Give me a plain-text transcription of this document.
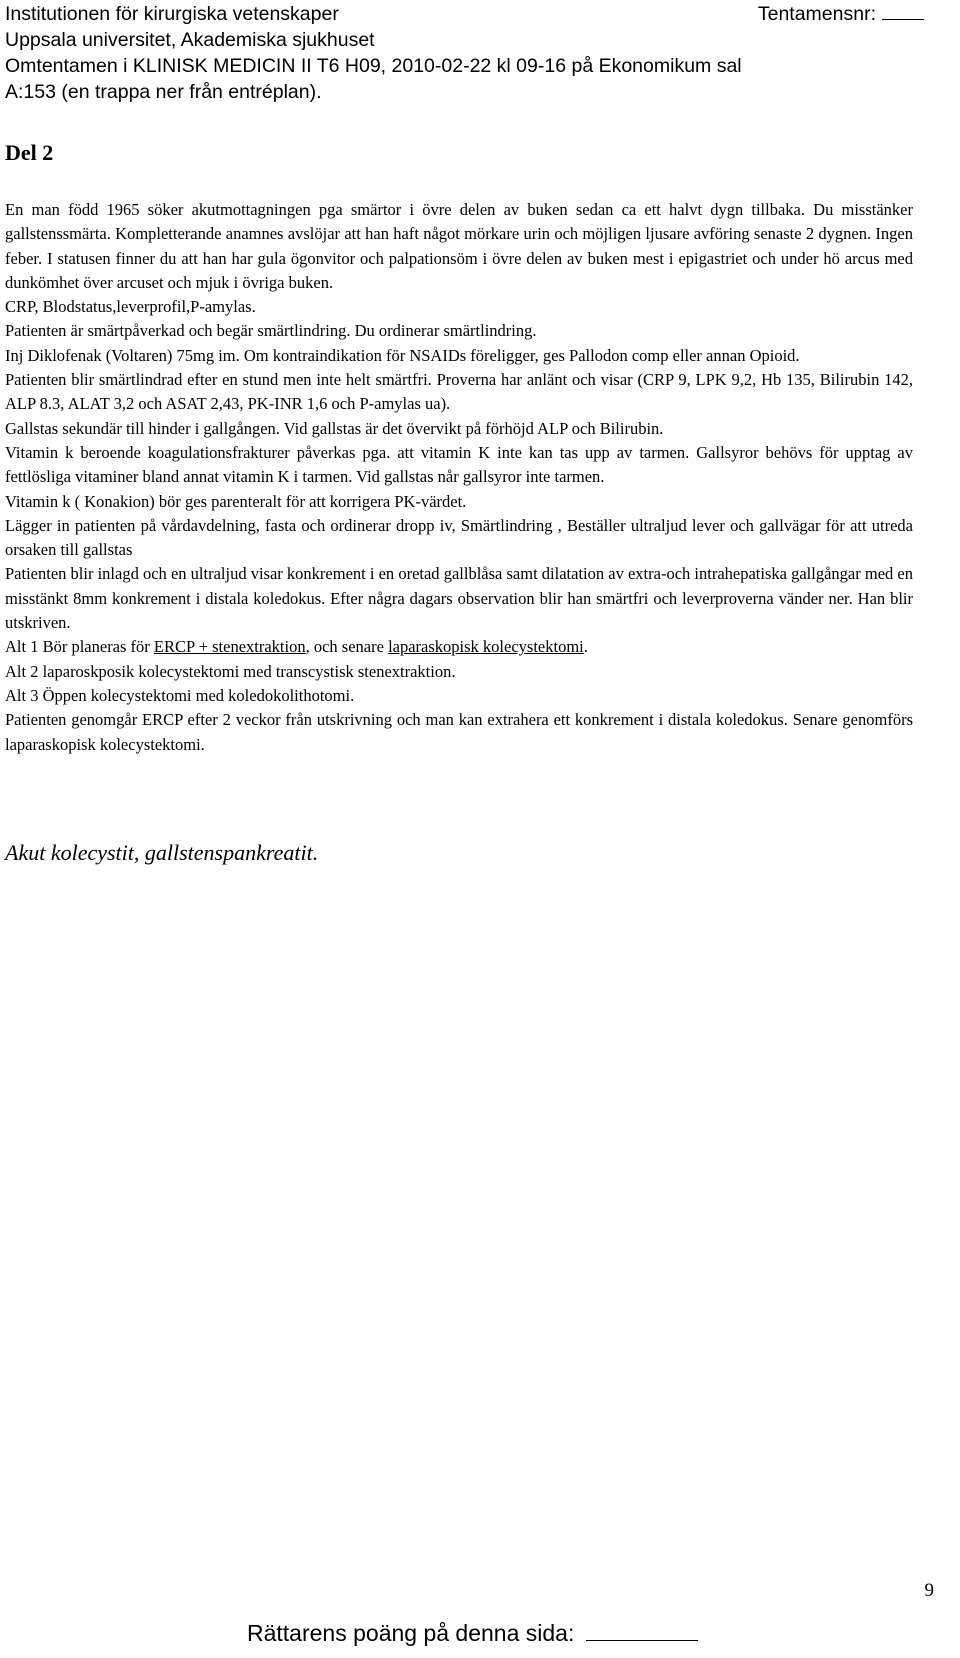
Institutionen för kirurgiska vetenskaper	Tentamensnr:
Uppsala universitet, Akademiska sjukhuset
Omtentamen i KLINISK MEDICIN II T6 H09, 2010-02-22 kl 09-16 på Ekonomikum sal
A:153 (en trappa ner från entréplan).
Del 2

En man född 1965 söker akutmottagningen pga smärtor i övre delen av buken sedan ca ett halvt dygn tillbaka. Du misstänker gallstenssmärta. Kompletterande anamnes avslöjar att han haft något mörkare urin och möjligen ljusare avföring senaste 2 dygnen. Ingen feber. I statusen finner du att han har gula ögonvitor och palpationsöm i övre delen av buken mest i epigastriet och under hö arcus med dunkömhet över arcuset och mjuk i övriga buken.

CRP, Blodstatus,leverprofil,P-amylas.

Patienten är smärtpåverkad och begär smärtlindring. Du ordinerar smärtlindring.

Inj Diklofenak (Voltaren) 75mg im. Om kontraindikation för NSAIDs föreligger, ges Pallodon comp eller annan Opioid.

Patienten blir smärtlindrad efter en stund men inte helt smärtfri. Proverna har anlänt och visar (CRP 9, LPK 9,2, Hb 135, Bilirubin 142, ALP 8.3, ALAT 3,2 och ASAT 2,43, PK-INR 1,6 och P-amylas ua).

Gallstas sekundär till hinder i gallgången. Vid gallstas är det övervikt på förhöjd ALP och Bilirubin.

Vitamin k beroende koagulationsfrakturer påverkas pga. att vitamin K inte kan tas upp av tarmen. Gallsyror behövs för upptag av fettlösliga vitaminer bland annat vitamin K i tarmen. Vid gallstas når gallsyror inte tarmen.

Vitamin k ( Konakion) bör ges parenteralt för att korrigera PK-värdet.

Lägger in patienten på vårdavdelning, fasta och ordinerar dropp iv, Smärtlindring , Beställer ultraljud lever och gallvägar för att utreda orsaken till gallstas

Patienten blir inlagd och en ultraljud visar konkrement i en oretad gallblåsa samt dilatation av extra-och intrahepatiska gallgångar med en misstänkt 8mm konkrement i distala koledokus. Efter några dagars observation blir han smärtfri och leverproverna vänder ner. Han blir utskriven.

Alt 1 Bör planeras för ERCP + stenextraktion, och senare laparaskopisk kolecystektomi.

Alt 2 laparoskposik kolecystektomi med transcystisk stenextraktion.

Alt 3 Öppen kolecystektomi med koledokolithotomi.

Patienten genomgår ERCP efter 2 veckor från utskrivning och man kan extrahera ett konkrement i distala koledokus. Senare genomförs laparaskopisk kolecystektomi.

Akut kolecystit, gallstenspankreatit.
9
Rättarens poäng på denna sida:
